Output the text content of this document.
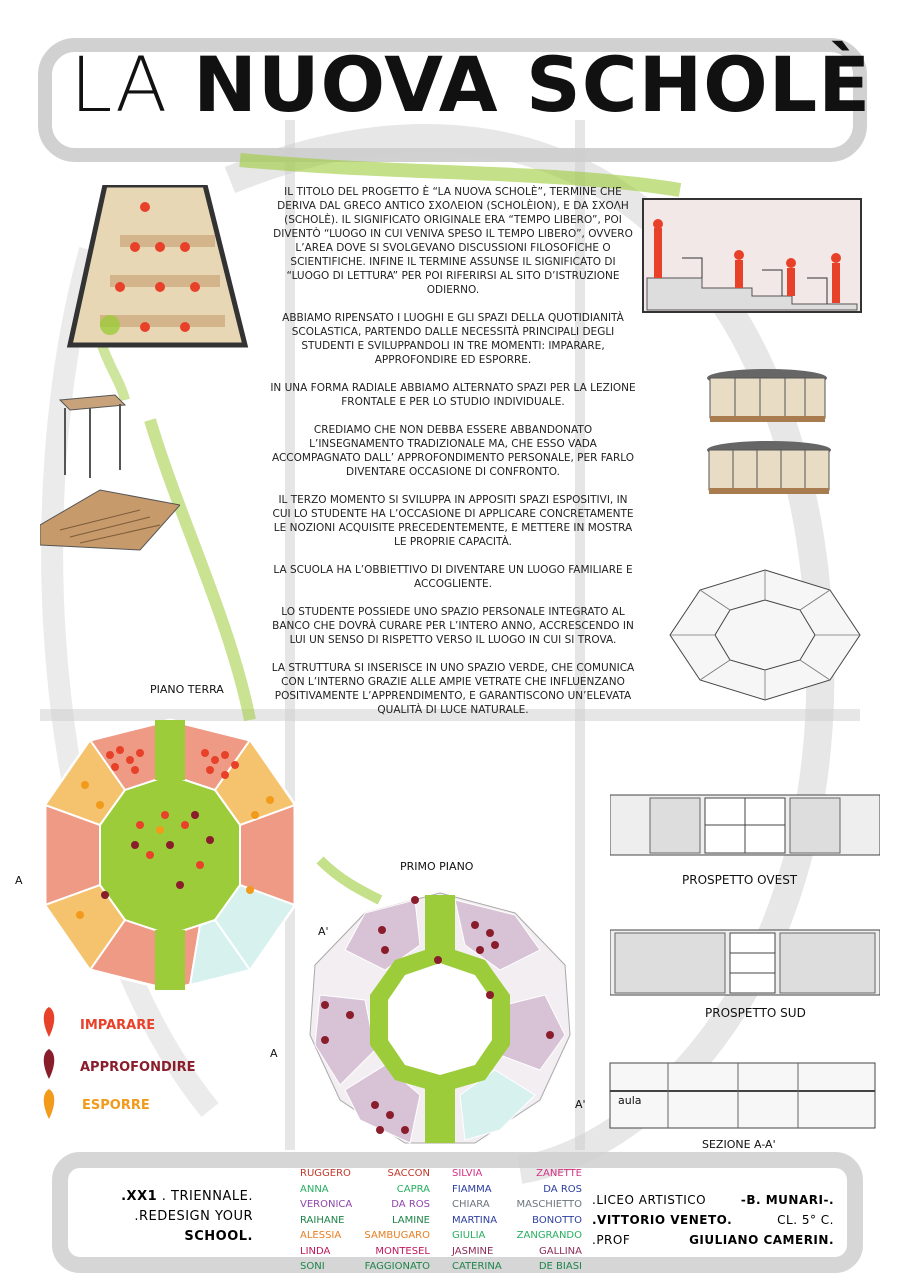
LA NUOVA SCHOLÈ

IL TITOLO DEL PROGETTO È “LA NUOVA SCHOLÈ”, TERMINE CHE DERIVA DAL GRECO ANTICO ΣΧΟΛΕΙΟΝ (SCHOLÈION), E DA ΣΧΟΛΗ (SCHOLÈ). IL SIGNIFICATO ORIGINALE ERA “TEMPO LIBERO”, POI DIVENTÒ “LUOGO IN CUI VENIVA SPESO IL TEMPO LIBERO”, OVVERO L’AREA DOVE SI SVOLGEVANO DISCUSSIONI FILOSOFICHE O SCIENTIFICHE. INFINE IL TERMINE ASSUNSE IL SIGNIFICATO DI “LUOGO DI LETTURA” PER POI RIFERIRSI AL SITO D’ISTRUZIONE ODIERNO.

ABBIAMO RIPENSATO I LUOGHI E GLI SPAZI DELLA QUOTIDIANITÀ SCOLASTICA, PARTENDO DALLE NECESSITÀ PRINCIPALI DEGLI STUDENTI E SVILUPPANDOLI IN TRE MOMENTI: IMPARARE, APPROFONDIRE ED ESPORRE.

IN UNA FORMA RADIALE ABBIAMO ALTERNATO SPAZI PER LA LEZIONE FRONTALE E PER LO STUDIO INDIVIDUALE.

CREDIAMO CHE NON DEBBA ESSERE ABBANDONATO L’INSEGNAMENTO TRADIZIONALE MA, CHE ESSO VADA ACCOMPAGNATO DALL’ APPROFONDIMENTO PERSONALE, PER FARLO DIVENTARE OCCASIONE DI CONFRONTO.

IL TERZO MOMENTO SI SVILUPPA IN APPOSITI SPAZI ESPOSITIVI, IN CUI LO STUDENTE HA L’OCCASIONE DI APPLICARE CONCRETAMENTE LE NOZIONI ACQUISITE PRECEDENTEMENTE, E METTERE IN MOSTRA LE PROPRIE CAPACITÀ.

LA SCUOLA HA L’OBBIETTIVO DI DIVENTARE UN LUOGO FAMILIARE E ACCOGLIENTE.

LO STUDENTE POSSIEDE UNO SPAZIO PERSONALE INTEGRATO AL BANCO CHE DOVRÀ CURARE PER L’INTERO ANNO, ACCRESCENDO IN LUI UN SENSO DI RISPETTO VERSO IL LUOGO IN CUI SI TROVA.

LA STRUTTURA SI INSERISCE IN UNO SPAZIO VERDE, CHE COMUNICA CON L’INTERNO GRAZIE ALLE AMPIE VETRATE CHE INFLUENZANO POSITIVAMENTE L’APPRENDIMENTO, E GARANTISCONO UN’ELEVATA QUALITÀ DI LUCE NATURALE.

PIANO TERRA
A
A'
IMPARARE
APPROFONDIRE
ESPORRE
PRIMO PIANO
A
A'
PROSPETTO OVEST
PROSPETTO SUD
aula
SEZIONE A-A'
.XX1 . TRIENNALE.
.REDESIGN YOUR
SCHOOL.
RUGGERO	SACCON
ANNA	CAPRA
VERONICA	DA ROS
RAIHANE	LAMINE
ALESSIA SAMBUGARO
LINDA	MONTESEL
SONI	FAGGIONATO
SILVIA	ZANETTE
FIAMMA	DA ROS
CHIARA	MASCHIETTO
MARTINA	BONOTTO
GIULIA	ZANGRANDO
JASMINE	GALLINA
CATERINA	DE BIASI
.LICEO ARTISTICO	-B. MUNARI-.
.VITTORIO VENETO.	CL. 5° C.
.PROF	GIULIANO CAMERIN.
